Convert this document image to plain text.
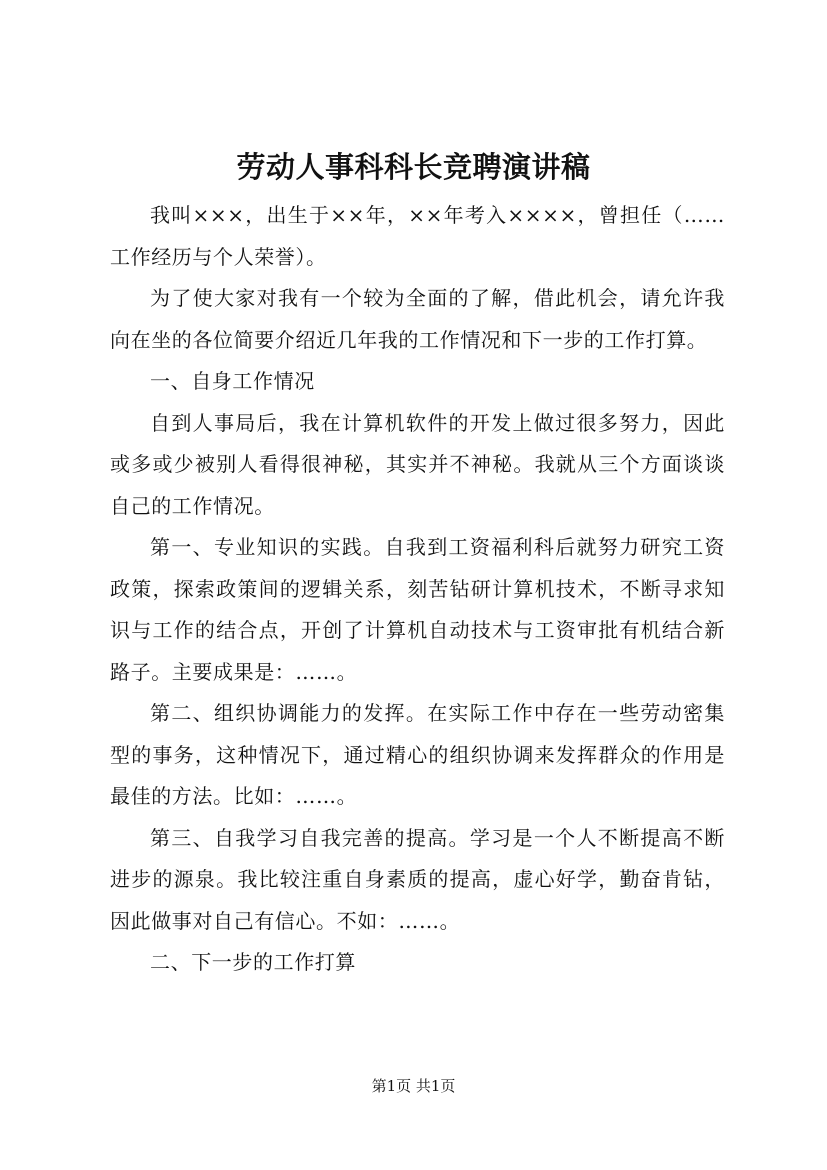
劳动人事科科长竞聘演讲稿

我叫×××，出生于××年，××年考入××××，曾担任（……工作经历与个人荣誉）。

为了使大家对我有一个较为全面的了解，借此机会，请允许我向在坐的各位简要介绍近几年我的工作情况和下一步的工作打算。

一、自身工作情况

自到人事局后，我在计算机软件的开发上做过很多努力，因此或多或少被别人看得很神秘，其实并不神秘。我就从三个方面谈谈自己的工作情况。

第一、专业知识的实践。自我到工资福利科后就努力研究工资政策，探索政策间的逻辑关系，刻苦钻研计算机技术，不断寻求知识与工作的结合点，开创了计算机自动技术与工资审批有机结合新路子。主要成果是：……。

第二、组织协调能力的发挥。在实际工作中存在一些劳动密集型的事务，这种情况下，通过精心的组织协调来发挥群众的作用是最佳的方法。比如：……。

第三、自我学习自我完善的提高。学习是一个人不断提高不断进步的源泉。我比较注重自身素质的提高，虚心好学，勤奋肯钻，因此做事对自己有信心。不如：……。

二、下一步的工作打算

第1页 共1页
